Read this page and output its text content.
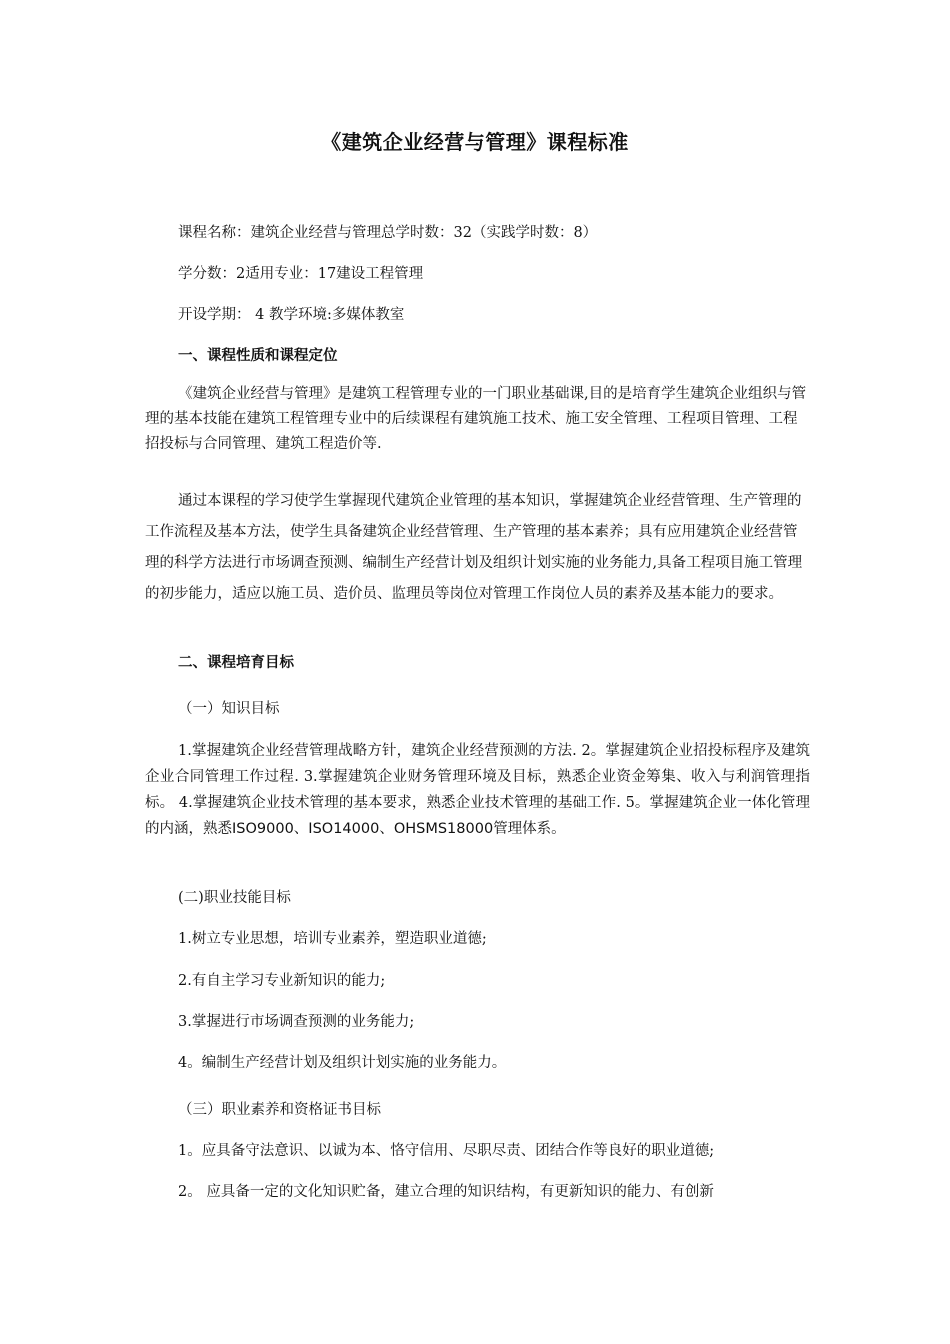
《建筑企业经营与管理》课程标准
课程名称：建筑企业经营与管理总学时数：32（实践学时数：8）
学分数：2适用专业：17建设工程管理
开设学期： 4 教学环境:多媒体教室
一、课程性质和课程定位
《建筑企业经营与管理》是建筑工程管理专业的一门职业基础课,目的是培育学生建筑企业组织与管理的基本技能在建筑工程管理专业中的后续课程有建筑施工技术、施工安全管理、工程项目管理、工程招投标与合同管理、建筑工程造价等.
通过本课程的学习使学生掌握现代建筑企业管理的基本知识，掌握建筑企业经营管理、生产管理的工作流程及基本方法，使学生具备建筑企业经营管理、生产管理的基本素养；具有应用建筑企业经营管理的科学方法进行市场调查预测、编制生产经营计划及组织计划实施的业务能力,具备工程项目施工管理的初步能力，适应以施工员、造价员、监理员等岗位对管理工作岗位人员的素养及基本能力的要求。
二、课程培育目标
（一）知识目标
1.掌握建筑企业经营管理战略方针，建筑企业经营预测的方法. 2。掌握建筑企业招投标程序及建筑企业合同管理工作过程. 3.掌握建筑企业财务管理环境及目标，熟悉企业资金筹集、收入与利润管理指标。 4.掌握建筑企业技术管理的基本要求，熟悉企业技术管理的基础工作. 5。掌握建筑企业一体化管理的内涵，熟悉ISO9000、ISO14000、OHSMS18000管理体系。
(二)职业技能目标
1.树立专业思想，培训专业素养，塑造职业道德;
2.有自主学习专业新知识的能力;
3.掌握进行市场调查预测的业务能力;
4。编制生产经营计划及组织计划实施的业务能力。
（三）职业素养和资格证书目标
1。应具备守法意识、以诚为本、恪守信用、尽职尽责、团结合作等良好的职业道德;
2。 应具备一定的文化知识贮备，建立合理的知识结构，有更新知识的能力、有创新
